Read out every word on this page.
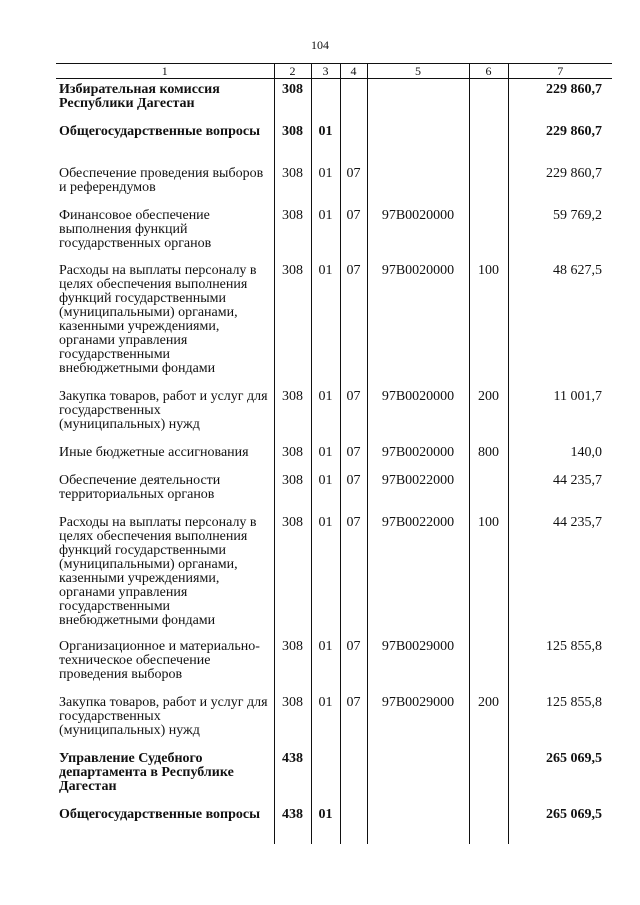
104
1	2	3	4	5	6	7
Избирательная комиссия Республики Дагестан	308					229 860,7
Общегосударственные вопросы	308	01				229 860,7
Обеспечение проведения выборов и референдумов	308	01	07			229 860,7
Финансовое обеспечение выполнения функций государственных органов	308	01	07	97В0020000		59 769,2
Расходы на выплаты персоналу в целях обеспечения выполнения функций государственными (муниципальными) органами, казенными учреждениями, органами управления государственными внебюджетными фондами	308	01	07	97В0020000	100	48 627,5
Закупка товаров, работ и услуг для государственных (муниципальных) нужд	308	01	07	97В0020000	200	11 001,7
Иные бюджетные ассигнования	308	01	07	97В0020000	800	140,0
Обеспечение деятельности территориальных органов	308	01	07	97В0022000		44 235,7
Расходы на выплаты персоналу в целях обеспечения выполнения функций государственными (муниципальными) органами, казенными учреждениями, органами управления государственными внебюджетными фондами	308	01	07	97В0022000	100	44 235,7
Организационное и материально-техническое обеспечение проведения выборов	308	01	07	97В0029000		125 855,8
Закупка товаров, работ и услуг для государственных (муниципальных) нужд	308	01	07	97В0029000	200	125 855,8
Управление Судебного департамента в Республике Дагестан	438					265 069,5
Общегосударственные вопросы	438	01				265 069,5
